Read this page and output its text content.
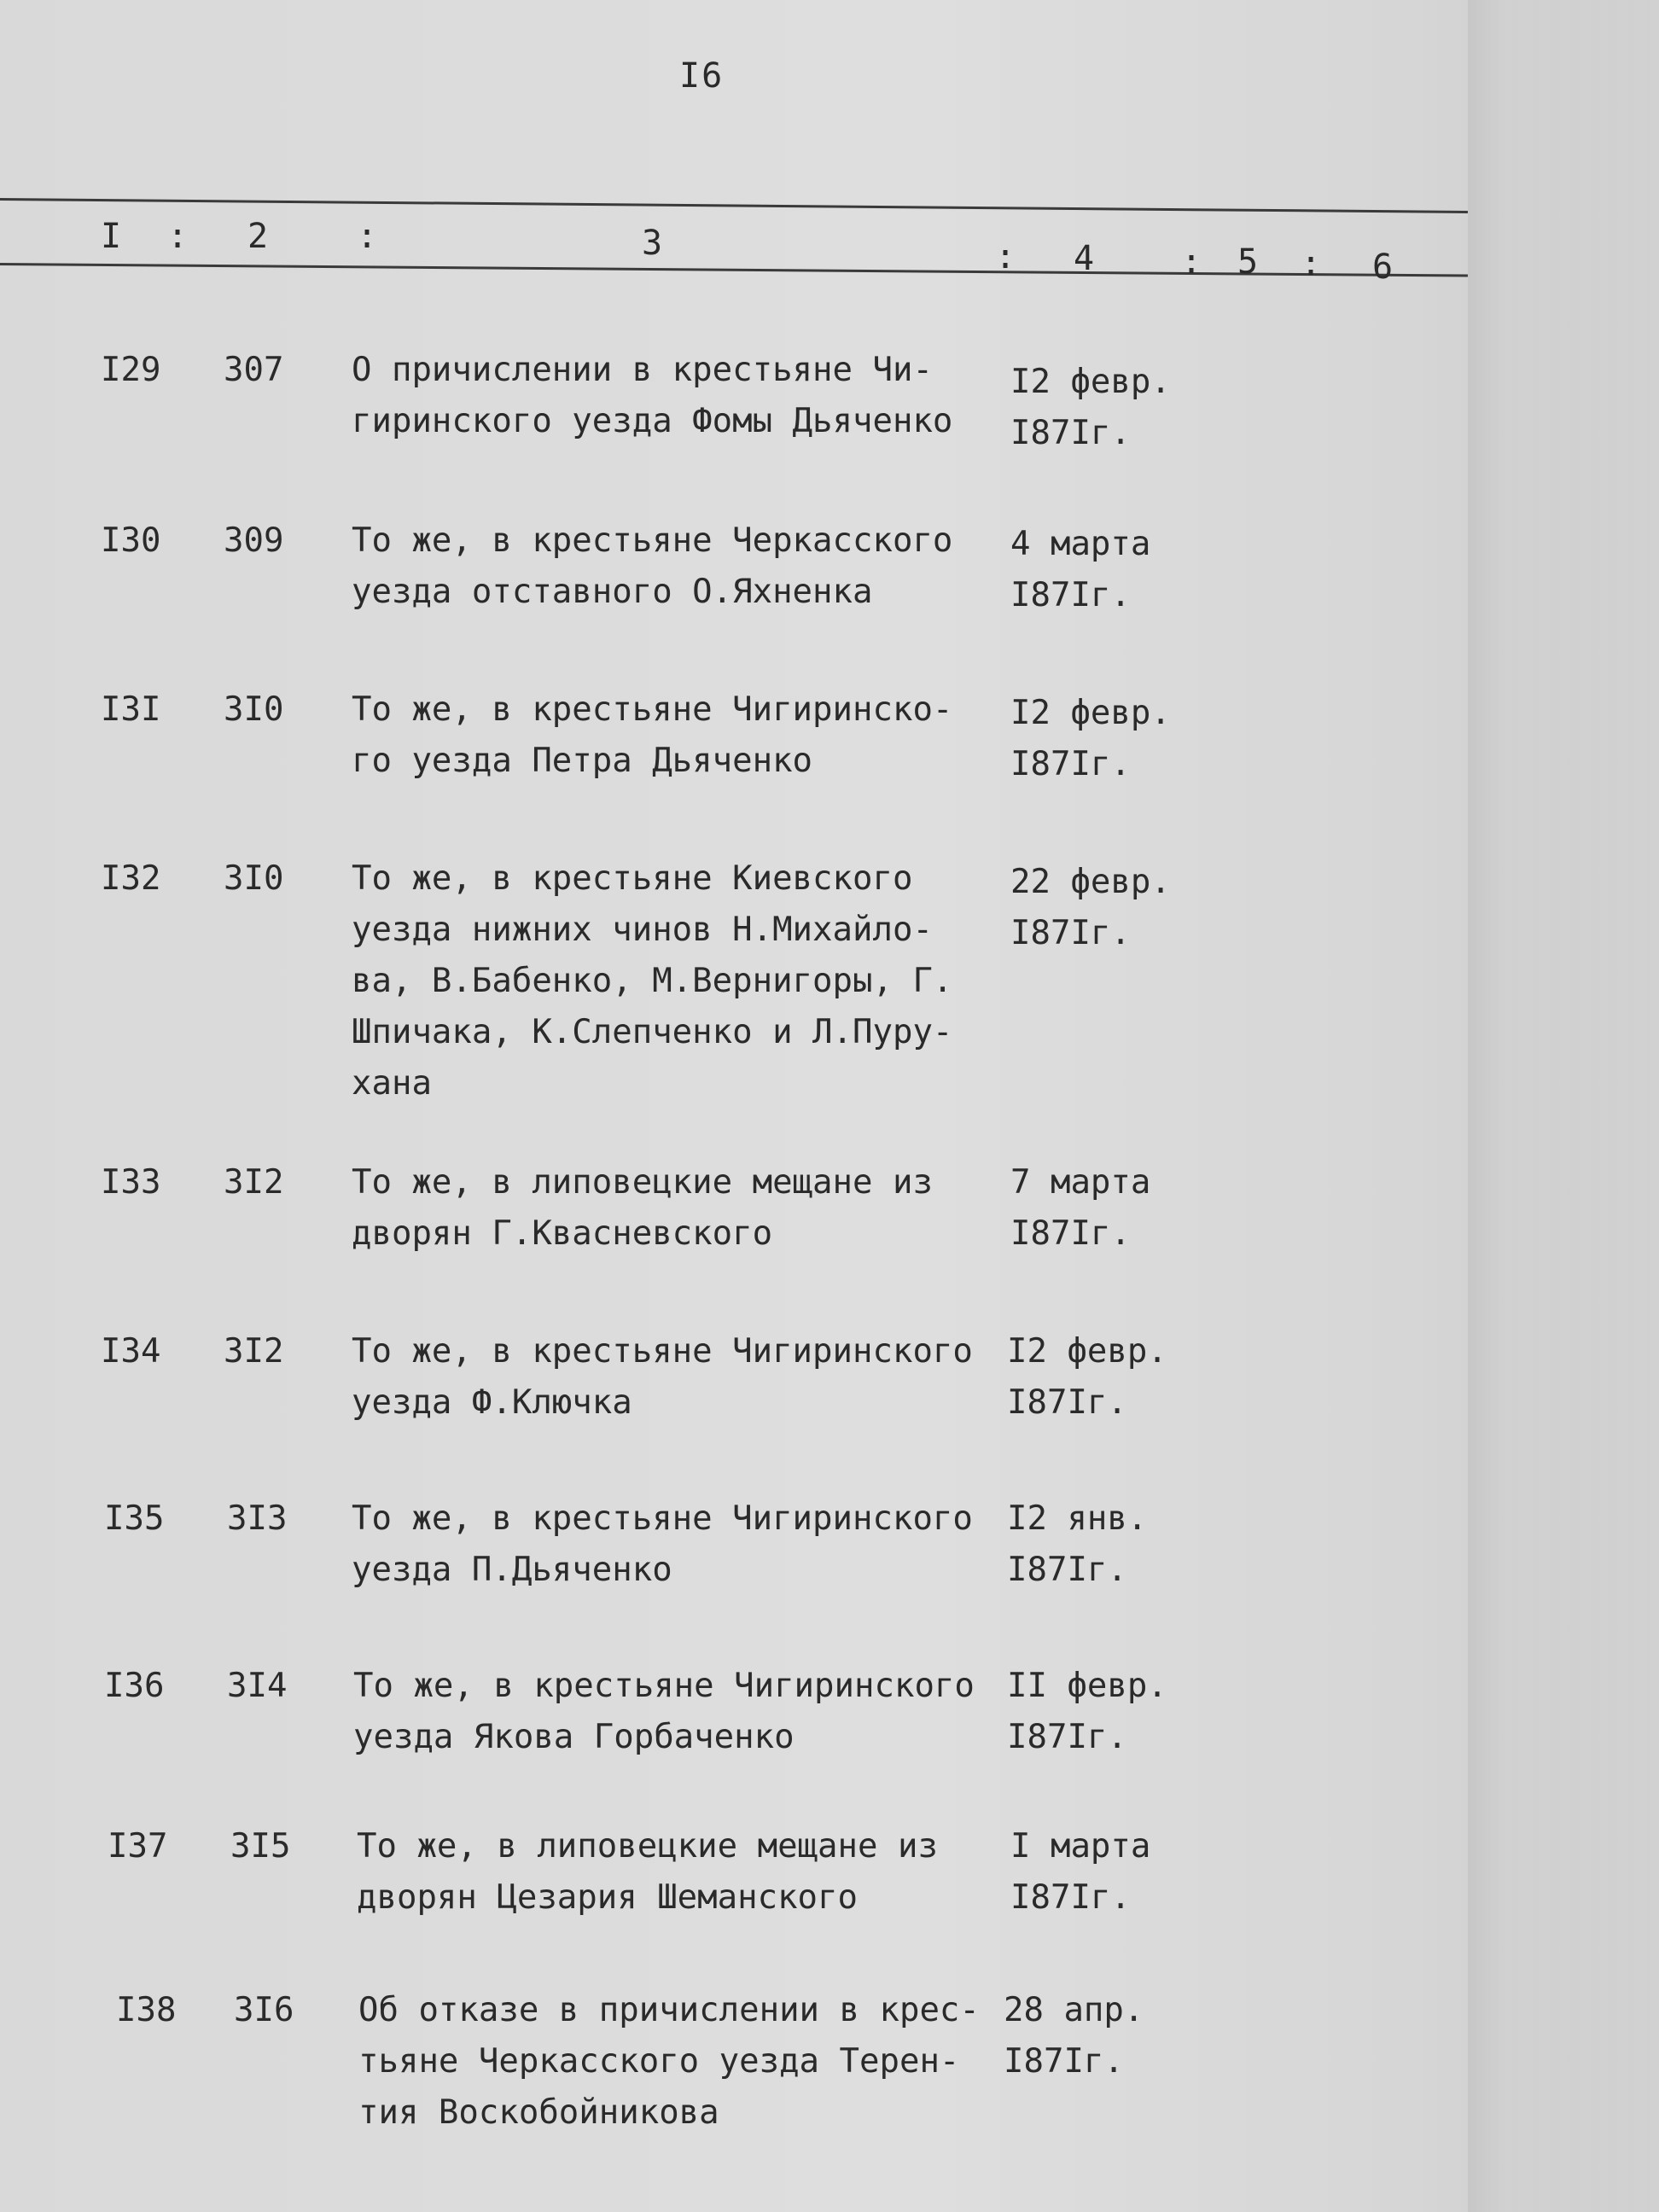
I6
I : 2	:	3	: 4	: 5 : 6
I29 307 О причислении в крестьяне Чи-
гиринского уезда Фомы Дьяченко
I2 февр.
I87Iг.
I30 309 То же, в крестьяне Черкасского
уезда отставного О.Яхненка
4 марта
I87Iг.
I3I 3I0 То же, в крестьяне Чигиринско-
го уезда Петра Дьяченко
I2 февр.
I87Iг.
I32 3I0 То же, в крестьяне Киевского
уезда нижних чинов Н.Михайло-
ва, В.Бабенко, М.Вернигоры, Г.
Шпичака, К.Слепченко и Л.Пуру-
хана
22 февр.
I87Iг.
I33 3I2 То же, в липовецкие мещане из
дворян Г.Квасневского
7 марта
I87Iг.
I34 3I2 То же, в крестьяне Чигиринского
уезда Ф.Ключка
I2 февр.
I87Iг.
I35 3I3 То же, в крестьяне Чигиринского
уезда П.Дьяченко
I2 янв.
I87Iг.
I36 3I4 То же, в крестьяне Чигиринского
уезда Якова Горбаченко
II февр.
I87Iг.
I37 3I5 То же, в липовецкие мещане из
дворян Цезария Шеманского
I марта
I87Iг.
I38 3I6 Об отказе в причислении в крес-
тьяне Черкасского уезда Терен-
тия Воскобойникова
28 апр.
I87Iг.
